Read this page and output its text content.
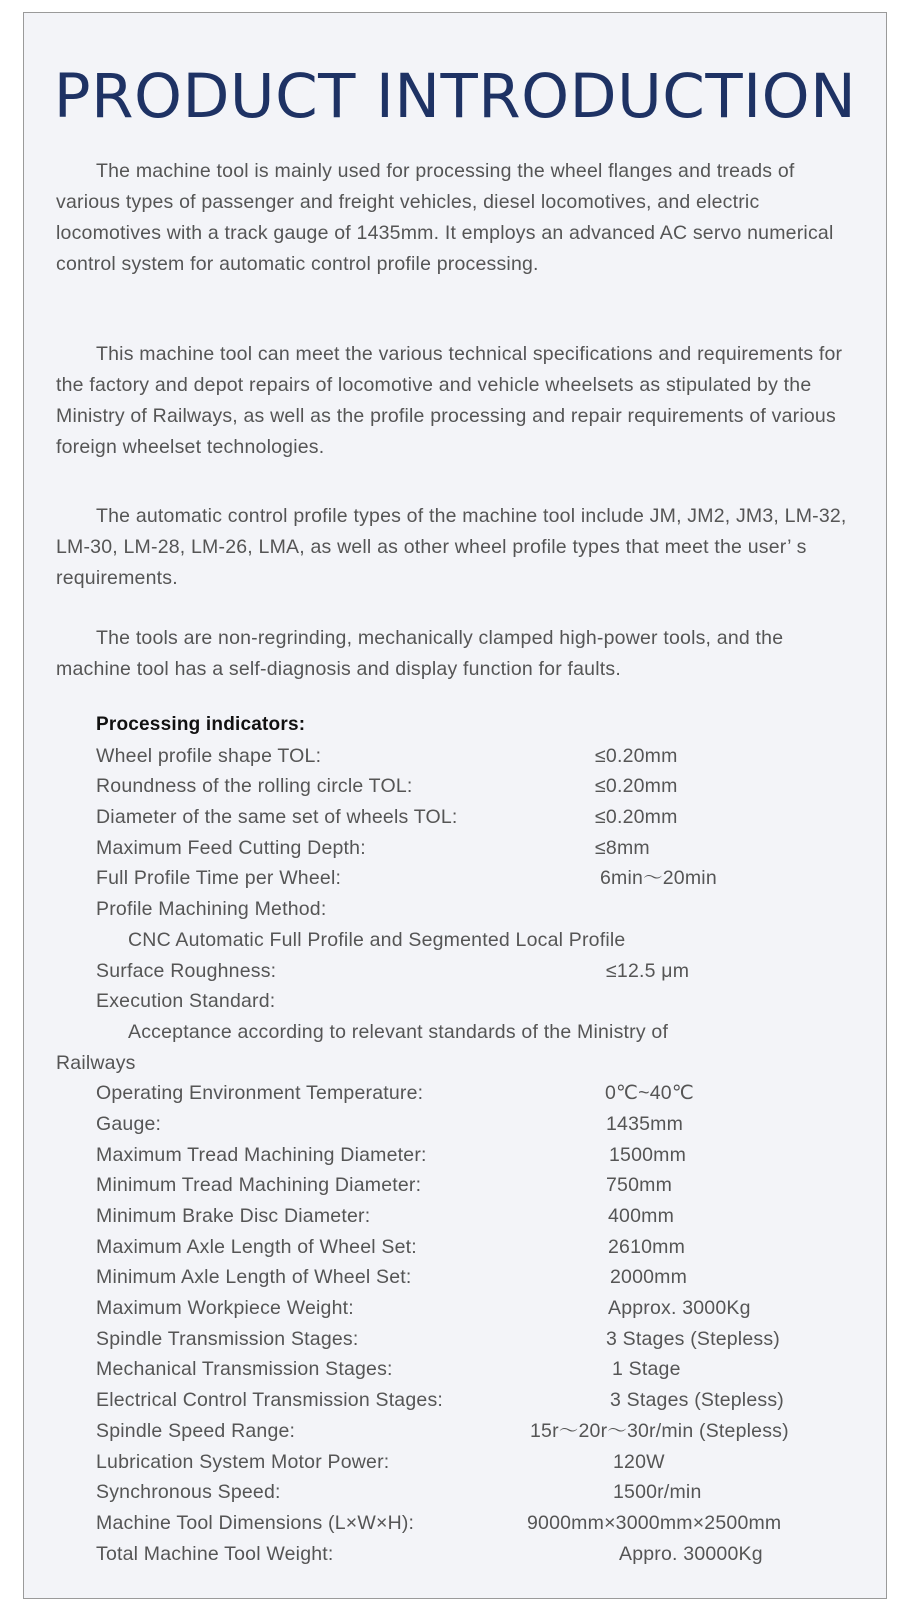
PRODUCT INTRODUCTION
The machine tool is mainly used for processing the wheel flanges and treads of various types of passenger and freight vehicles, diesel locomotives, and electric locomotives with a track gauge of 1435mm. It employs an advanced AC servo numerical control system for automatic control profile processing.
This machine tool can meet the various technical specifications and requirements for the factory and depot repairs of locomotive and vehicle wheelsets as stipulated by the Ministry of Railways, as well as the profile processing and repair requirements of various foreign wheelset technologies.
The automatic control profile types of the machine tool include JM, JM2, JM3, LM-32, LM-30, LM-28, LM-26, LMA, as well as other wheel profile types that meet the user’ s requirements.
The tools are non-regrinding, mechanically clamped high-power tools, and the machine tool has a self-diagnosis and display function for faults.
Processing indicators:
Wheel profile shape TOL:	≤0.20mm
Roundness of the rolling circle TOL:	≤0.20mm
Diameter of the same set of wheels TOL:	≤0.20mm
Maximum Feed Cutting Depth:	≤8mm
Full Profile Time per Wheel:	6min～20min
Profile Machining Method:
CNC Automatic Full Profile and Segmented Local Profile
Surface Roughness:	≤12.5 μm
Execution Standard:
Acceptance according to relevant standards of the Ministry of
Railways
Operating Environment Temperature:	0℃~40℃
Gauge:	1435mm
Maximum Tread Machining Diameter:	1500mm
Minimum Tread Machining Diameter:	750mm
Minimum Brake Disc Diameter:	400mm
Maximum Axle Length of Wheel Set:	2610mm
Minimum Axle Length of Wheel Set:	2000mm
Maximum Workpiece Weight:	Approx. 3000Kg
Spindle Transmission Stages:	3 Stages (Stepless)
Mechanical Transmission Stages:	1 Stage
Electrical Control Transmission Stages:	3 Stages (Stepless)
Spindle Speed Range:	15r～20r～30r/min (Stepless)
Lubrication System Motor Power:	120W
Synchronous Speed:	1500r/min
Machine Tool Dimensions (L×W×H):	9000mm×3000mm×2500mm
Total Machine Tool Weight:	Appro. 30000Kg
